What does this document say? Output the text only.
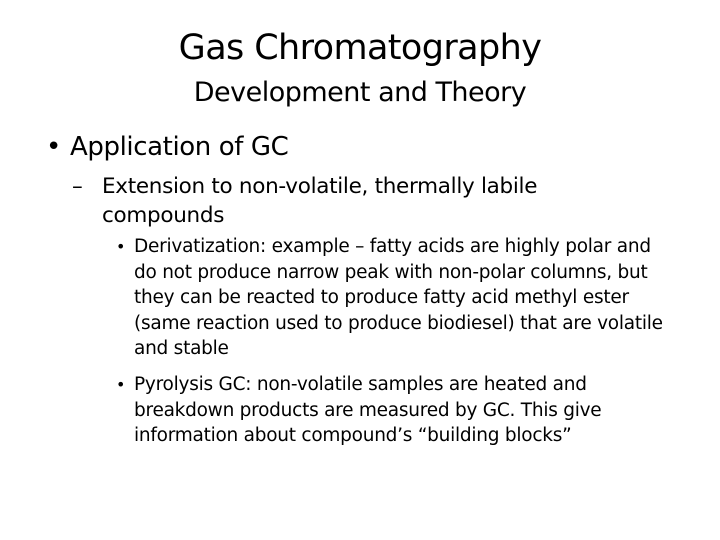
Gas Chromatography
Development and Theory
• Application of GC
– Extension to non-volatile, thermally labile compounds
• Derivatization: example – fatty acids are highly polar and do not produce narrow peak with non-polar columns, but they can be reacted to produce fatty acid methyl ester (same reaction used to produce biodiesel) that are volatile and stable
• Pyrolysis GC: non-volatile samples are heated and breakdown products are measured by GC. This give information about compound’s “building blocks”
